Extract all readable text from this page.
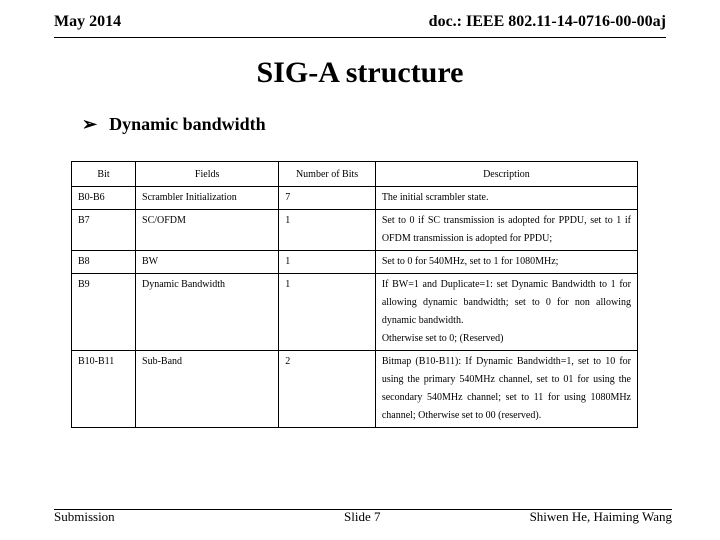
May 2014	doc.: IEEE 802.11-14-0716-00-00aj
SIG-A structure
➢ Dynamic bandwidth
Bit	Fields	Number of Bits	Description
B0-B6	Scrambler Initialization	7	The initial scrambler state.

B7	SC/OFDM	1	Set to 0 if SC transmission is adopted for PPDU, set to 1 if OFDM transmission is adopted for PPDU;

B8	BW	1	Set to 0 for 540MHz, set to 1 for 1080MHz;

B9	Dynamic Bandwidth	1	If BW=1 and Duplicate=1: set Dynamic Bandwidth to 1 for allowing dynamic bandwidth; set to 0 for non allowing dynamic bandwidth.
Otherwise set to 0; (Reserved)

B10-B11	Sub-Band	2	Bitmap (B10-B11): If Dynamic Bandwidth=1, set to 10 for using the primary 540MHz channel, set to 01 for using the secondary 540MHz channel; set to 11 for using 1080MHz channel; Otherwise set to 00 (reserved).
Submission	Slide 7	Shiwen He, Haiming Wang
